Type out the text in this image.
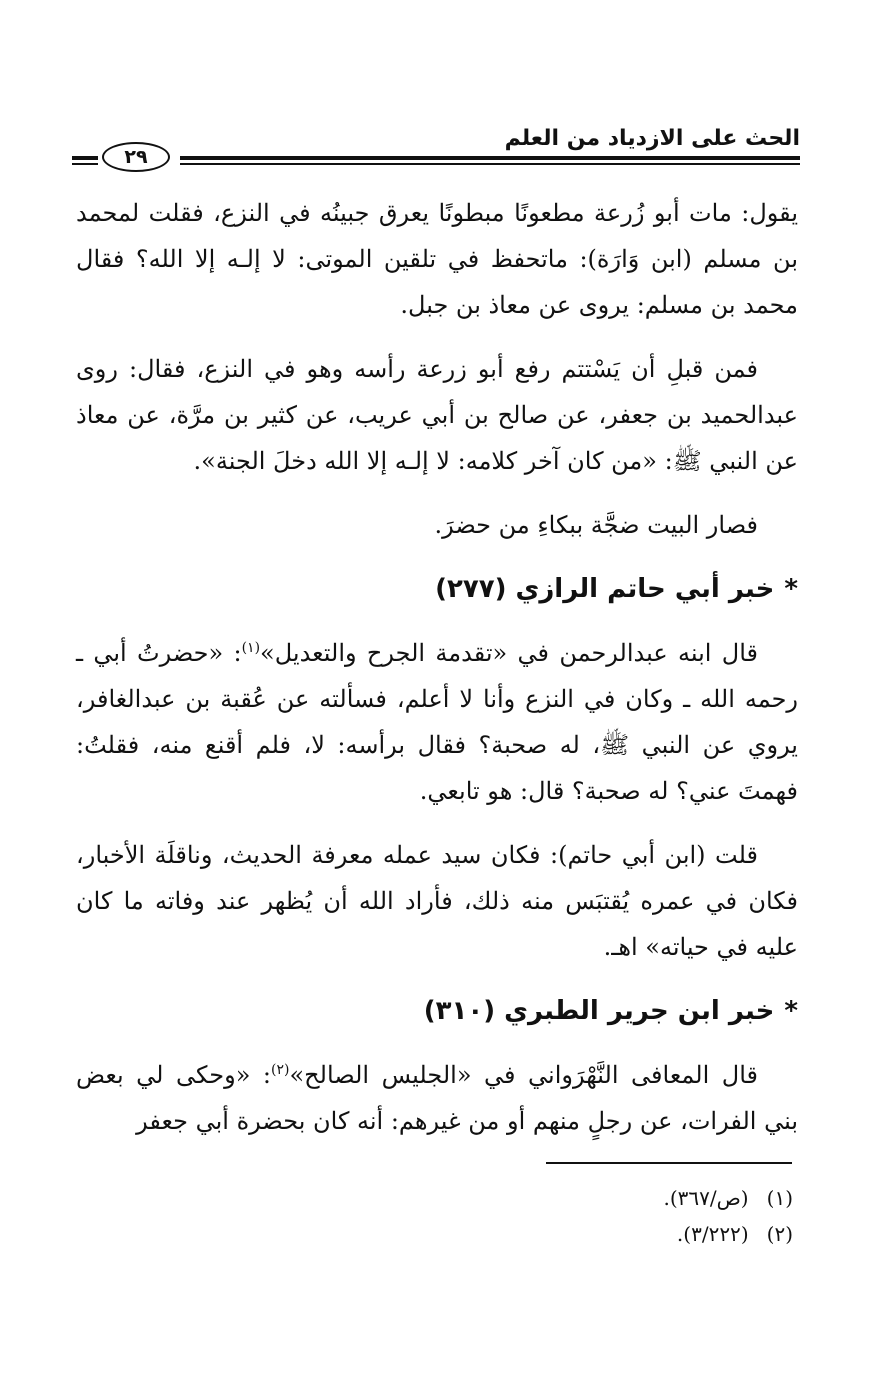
الحث على الازدياد من العلم
٢٩

يقول: مات أبو زُرعة مطعونًا مبطونًا يعرق جبينُه في النزع، فقلت لمحمد بن مسلم (ابن وَارَة): ماتحفظ في تلقين الموتى: لا إلـه إلا الله؟ فقال محمد بن مسلم: يروى عن معاذ بن جبل.

فمن قبلِ أن يَسْتتم رفع أبو زرعة رأسه وهو في النزع، فقال: روى عبدالحميد بن جعفر، عن صالح بن أبي عريب، عن كثير بن مرَّة، عن معاذ عن النبي ﷺ: «من كان آخر كلامه: لا إلـه إلا الله دخلَ الجنة».

فصار البيت ضجَّة ببكاءِ من حضرَ.

*خبر أبي حاتم الرازي (٢٧٧)

قال ابنه عبدالرحمن في «تقدمة الجرح والتعديل»$^{(١)}$: «حضرتُ أبي ـ رحمه الله ـ وكان في النزع وأنا لا أعلم، فسألته عن عُقبة بن عبدالغافر، يروي عن النبي ﷺ، له صحبة؟ فقال برأسه: لا، فلم أقنع منه، فقلتُ: فهمتَ عني؟ له صحبة؟ قال: هو تابعي.

قلت (ابن أبي حاتم): فكان سيد عمله معرفة الحديث، وناقلَة الأخبار، فكان في عمره يُقتبَس منه ذلك، فأراد الله أن يُظهر عند وفاته ما كان عليه في حياته» اهـ.

*خبر ابن جرير الطبري (٣١٠)

قال المعافى النَّهْرَواني في «الجليس الصالح»$^{(٢)}$: «وحكى لي بعض بني الفرات، عن رجلٍ منهم أو من غيرهم: أنه كان بحضرة أبي جعفر

(١)(ص/٣٦٧).
(٢)(٣/٢٢٢).
